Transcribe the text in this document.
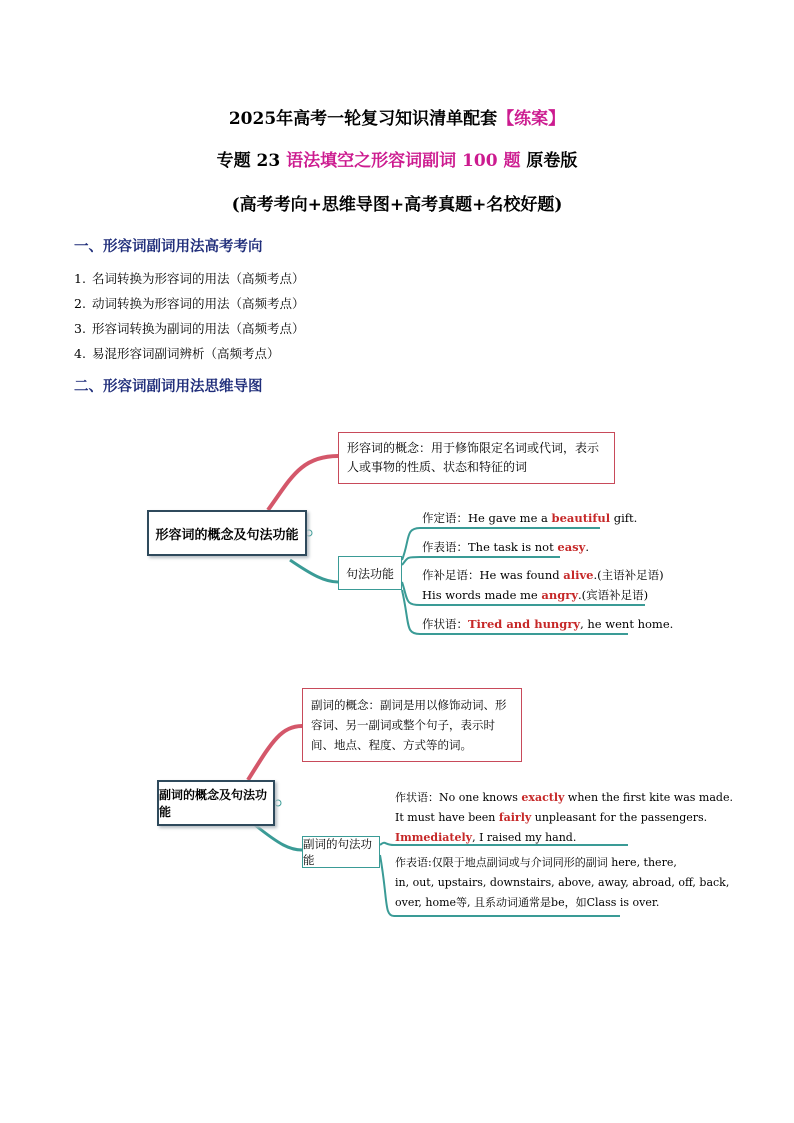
2025年高考一轮复习知识清单配套【练案】
专题 23 语法填空之形容词副词 100 题 原卷版
(高考考向+思维导图+高考真题+名校好题)
一、形容词副词用法高考考向
1. 名词转换为形容词的用法（高频考点）
2. 动词转换为形容词的用法（高频考点）
3. 形容词转换为副词的用法（高频考点）
4. 易混形容词副词辨析（高频考点）
二、形容词副词用法思维导图
形容词的概念及句法功能
形容词的概念：用于修饰限定名词或代词，表示人或事物的性质、状态和特征的词
句法功能
作定语：He gave me a beautiful gift.
作表语：The task is not easy.
作补足语：He was found alive.(主语补足语)
His words made me angry.(宾语补足语)
作状语：Tired and hungry, he went home.
副词的概念及句法功能
副词的概念：副词是用以修饰动词、形容词、另一副词或整个句子，表示时间、地点、程度、方式等的词。
副词的句法功能
作状语：No one knows exactly when the first kite was made.
It must have been fairly unpleasant for the passengers.
Immediately, I raised my hand.
作表语:仅限于地点副词或与介词同形的副词 here, there,
in, out, upstairs, downstairs, above, away, abroad, off, back,
over, home等, 且系动词通常是be，如Class is over.
